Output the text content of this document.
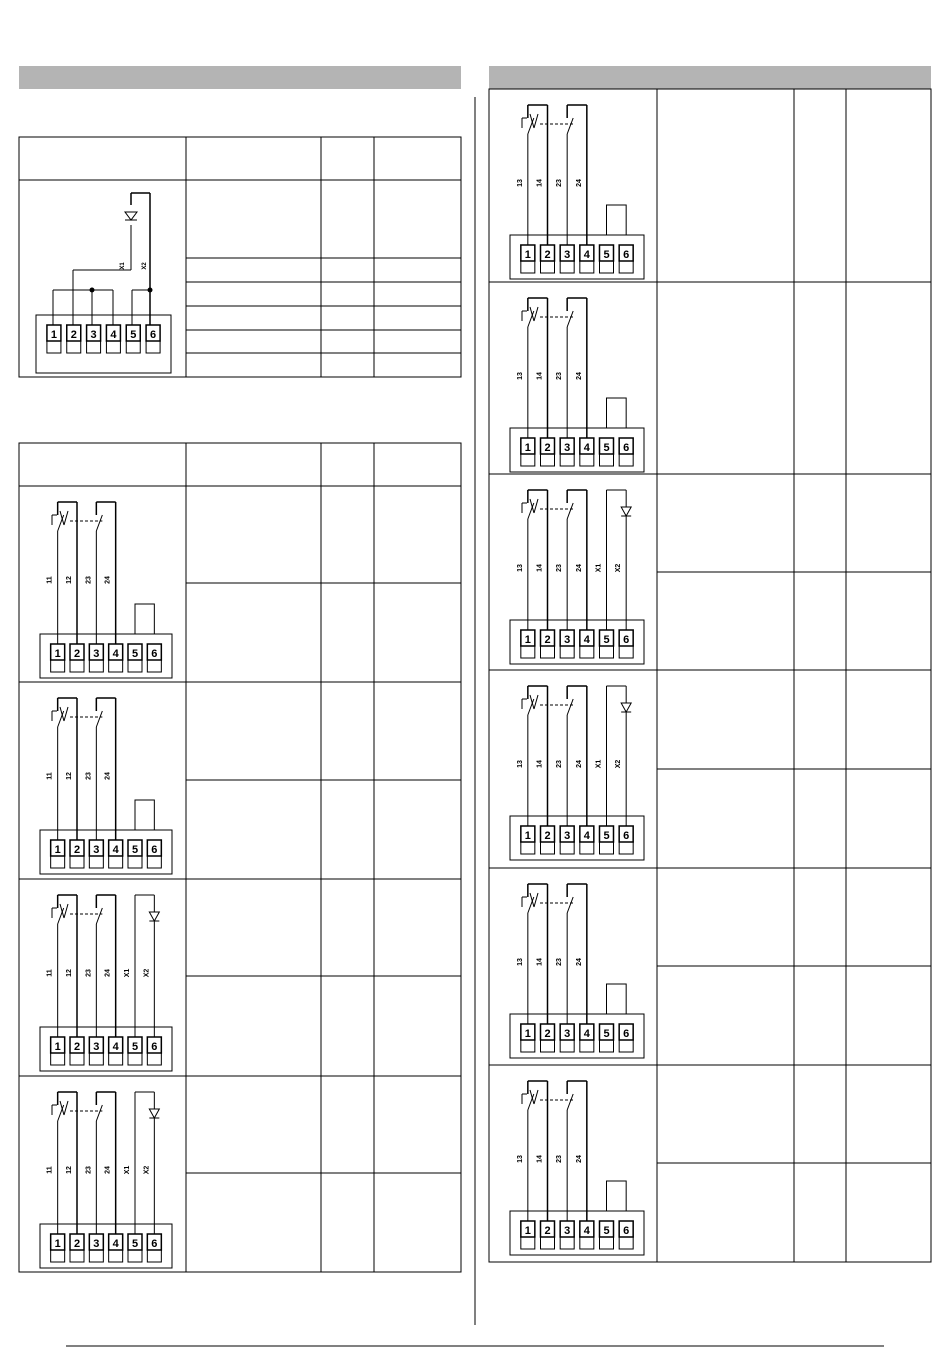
1 2 3 4 5 6
X1	X2
1 2 3 4 5 6
11 12 23 24
1 2 3 4 5 6
11 12 23 24
1 2 3 4 5 6
11 12 23 24 X1 X2
1 2 3 4 5 6
11 12 23 24 X1 X2
1 2 3 4 5 6
13 14 23 24
1 2 3 4 5 6
13 14 23 24
1 2 3 4 5 6
13 14 23 24 X1 X2
1 2 3 4 5 6
13 14 23 24 X1 X2
1 2 3 4 5 6
13 14 23 24
1 2 3 4 5 6
13 14 23 24
